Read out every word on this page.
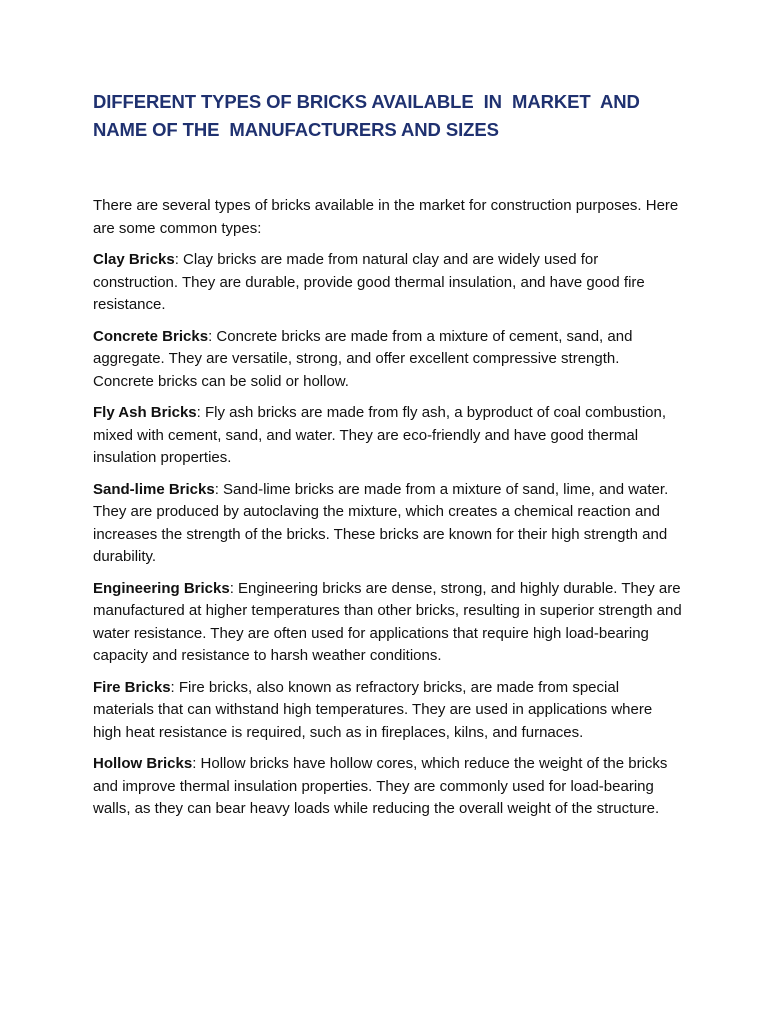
DIFFERENT TYPES OF BRICKS AVAILABLE  IN  MARKET  AND NAME OF THE  MANUFACTURERS AND SIZES

There are several types of bricks available in the market for construction purposes. Here are some common types:

Clay Bricks: Clay bricks are made from natural clay and are widely used for construction. They are durable, provide good thermal insulation, and have good fire resistance.

Concrete Bricks: Concrete bricks are made from a mixture of cement, sand, and aggregate. They are versatile, strong, and offer excellent compressive strength. Concrete bricks can be solid or hollow.

Fly Ash Bricks: Fly ash bricks are made from fly ash, a byproduct of coal combustion, mixed with cement, sand, and water. They are eco-friendly and have good thermal insulation properties.

Sand-lime Bricks: Sand-lime bricks are made from a mixture of sand, lime, and water. They are produced by autoclaving the mixture, which creates a chemical reaction and increases the strength of the bricks. These bricks are known for their high strength and durability.

Engineering Bricks: Engineering bricks are dense, strong, and highly durable. They are manufactured at higher temperatures than other bricks, resulting in superior strength and water resistance. They are often used for applications that require high load-bearing capacity and resistance to harsh weather conditions.

Fire Bricks: Fire bricks, also known as refractory bricks, are made from special materials that can withstand high temperatures. They are used in applications where high heat resistance is required, such as in fireplaces, kilns, and furnaces.

Hollow Bricks: Hollow bricks have hollow cores, which reduce the weight of the bricks and improve thermal insulation properties. They are commonly used for load-bearing walls, as they can bear heavy loads while reducing the overall weight of the structure.
